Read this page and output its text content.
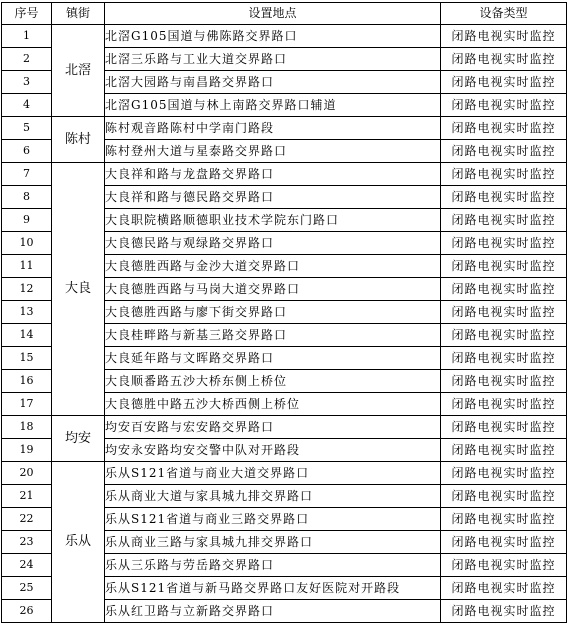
序号	镇街	设置地点	设备类型
1	北滘	北滘G105国道与佛陈路交界路口	闭路电视实时监控
2		北滘三乐路与工业大道交界路口	闭路电视实时监控
3		北滘大园路与南昌路交界路口	闭路电视实时监控
4		北滘G105国道与林上南路交界路口辅道	闭路电视实时监控
5	陈村	陈村观音路陈村中学南门路段	闭路电视实时监控
6		陈村登州大道与星泰路交界路口	闭路电视实时监控
7	大良	大良祥和路与龙盘路交界路口	闭路电视实时监控
8		大良祥和路与德民路交界路口	闭路电视实时监控
9		大良职院横路顺德职业技术学院东门路口	闭路电视实时监控
10		大良德民路与观绿路交界路口	闭路电视实时监控
11		大良德胜西路与金沙大道交界路口	闭路电视实时监控
12		大良德胜西路与马岗大道交界路口	闭路电视实时监控
13		大良德胜西路与廖下街交界路口	闭路电视实时监控
14		大良桂畔路与新基三路交界路口	闭路电视实时监控
15		大良延年路与文晖路交界路口	闭路电视实时监控
16		大良顺番路五沙大桥东侧上桥位	闭路电视实时监控
17		大良德胜中路五沙大桥西侧上桥位	闭路电视实时监控
18	均安	均安百安路与宏安路交界路口	闭路电视实时监控
19		均安永安路均安交警中队对开路段	闭路电视实时监控
20	乐从	乐从S121省道与商业大道交界路口	闭路电视实时监控
21		乐从商业大道与家具城九排交界路口	闭路电视实时监控
22		乐从S121省道与商业三路交界路口	闭路电视实时监控
23		乐从商业三路与家具城九排交界路口	闭路电视实时监控
24		乐从三乐路与劳岳路交界路口	闭路电视实时监控
25		乐从S121省道与新马路交界路口友好医院对开路段	闭路电视实时监控
26		乐从红卫路与立新路交界路口	闭路电视实时监控
